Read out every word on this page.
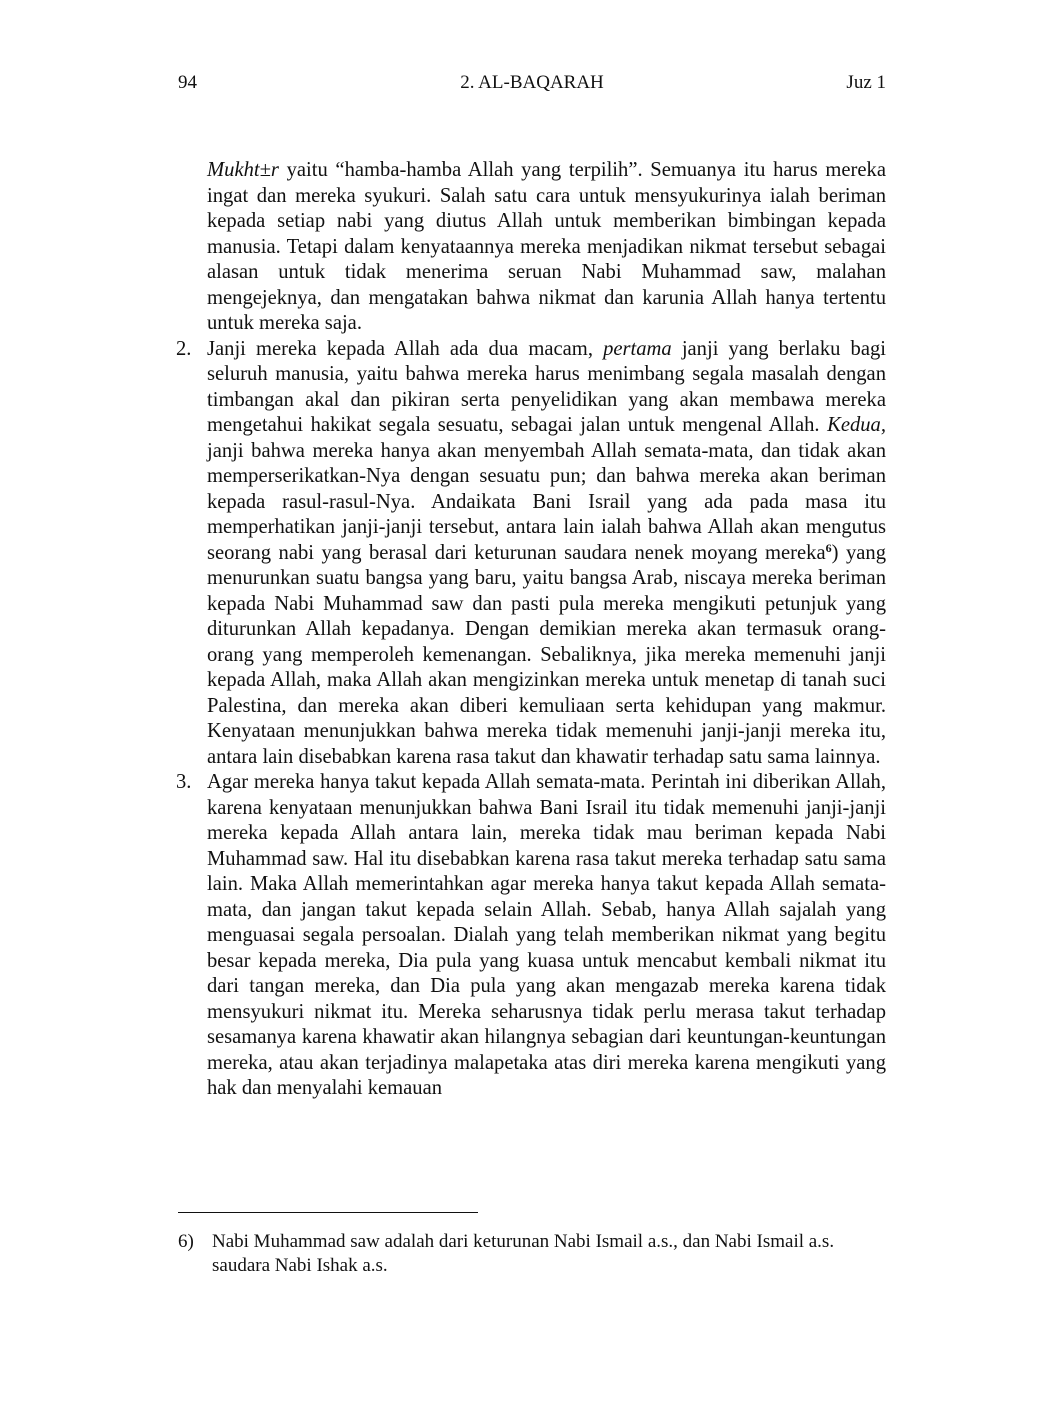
94	2. AL-BAQARAH	Juz 1

Mukht±r yaitu “hamba-hamba Allah yang terpilih”. Semuanya itu harus mereka ingat dan mereka syukuri. Salah satu cara untuk mensyukurinya ialah beriman kepada setiap nabi yang diutus Allah untuk memberikan bimbingan kepada manusia. Tetapi dalam kenyataannya mereka menjadikan nikmat tersebut sebagai alasan untuk tidak menerima seruan Nabi Muhammad saw, malahan mengejeknya, dan mengatakan bahwa nikmat dan karunia Allah hanya tertentu untuk mereka saja.

2. Janji mereka kepada Allah ada dua macam, pertama janji yang berlaku bagi seluruh manusia, yaitu bahwa mereka harus menimbang segala masalah dengan timbangan akal dan pikiran serta penyelidikan yang akan membawa mereka mengetahui hakikat segala sesuatu, sebagai jalan untuk mengenal Allah. Kedua, janji bahwa mereka hanya akan menyembah Allah semata-mata, dan tidak akan memperserikatkan-Nya dengan sesuatu pun; dan bahwa mereka akan beriman kepada rasul-rasul-Nya. Andaikata Bani Israil yang ada pada masa itu memperhatikan janji-janji tersebut, antara lain ialah bahwa Allah akan mengutus seorang nabi yang berasal dari keturunan saudara nenek moyang mereka$^6$) yang menurunkan suatu bangsa yang baru, yaitu bangsa Arab, niscaya mereka beriman kepada Nabi Muhammad saw dan pasti pula mereka mengikuti petunjuk yang diturunkan Allah kepadanya. Dengan demikian mereka akan termasuk orang-orang yang memperoleh kemenangan. Sebaliknya, jika mereka memenuhi janji kepada Allah, maka Allah akan mengizinkan mereka untuk menetap di tanah suci Palestina, dan mereka akan diberi kemuliaan serta kehidupan yang makmur. Kenyataan menunjukkan bahwa mereka tidak memenuhi janji-janji mereka itu, antara lain disebabkan karena rasa takut dan khawatir terhadap satu sama lainnya.

3. Agar mereka hanya takut kepada Allah semata-mata. Perintah ini diberikan Allah, karena kenyataan menunjukkan bahwa Bani Israil itu tidak memenuhi janji-janji mereka kepada Allah antara lain, mereka tidak mau beriman kepada Nabi Muhammad saw. Hal itu disebabkan karena rasa takut mereka terhadap satu sama lain. Maka Allah memerintahkan agar mereka hanya takut kepada Allah semata-mata, dan jangan takut kepada selain Allah. Sebab, hanya Allah sajalah yang menguasai segala persoalan. Dialah yang telah memberikan nikmat yang begitu besar kepada mereka, Dia pula yang kuasa untuk mencabut kembali nikmat itu dari tangan mereka, dan Dia pula yang akan mengazab mereka karena tidak mensyukuri nikmat itu. Mereka seharusnya tidak perlu merasa takut terhadap sesamanya karena khawatir akan hilangnya sebagian dari keuntungan-keuntungan mereka, atau akan terjadinya malapetaka atas diri mereka karena mengikuti yang hak dan menyalahi kemauan

6) Nabi Muhammad saw adalah dari keturunan Nabi Ismail a.s., dan Nabi Ismail a.s. saudara Nabi Ishak a.s.
